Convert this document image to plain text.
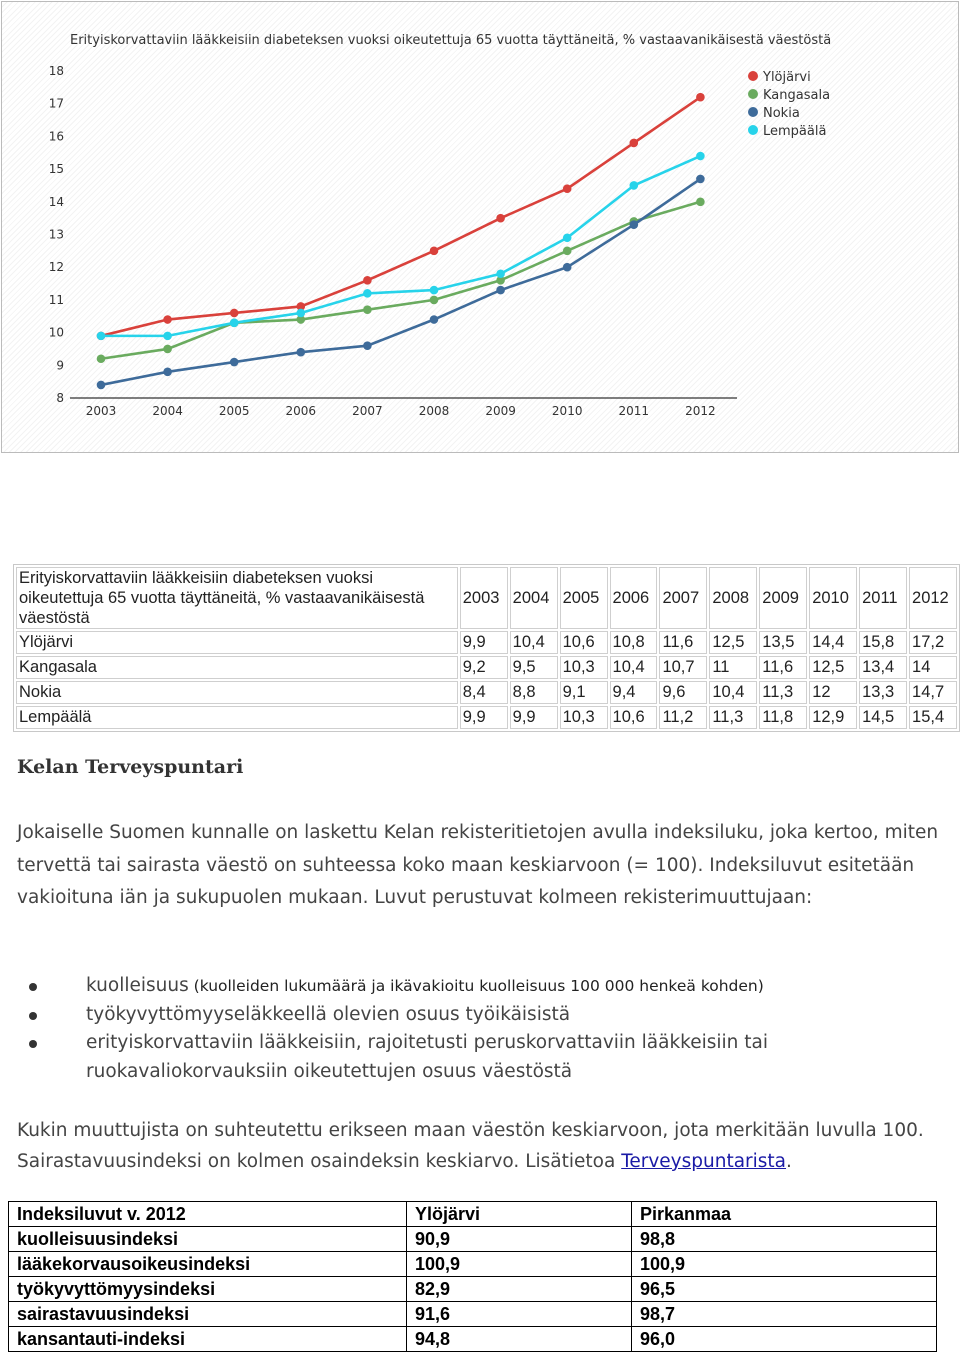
Erityiskorvattaviin lääkkeisiin diabeteksen vuoksi oikeutettuja 65 vuotta täyttäneitä, % vastaavanikäisestä väestöstä
8
9
10
11
12
13
14
15
16
17
18
2003	2004	2005	2006	2007	2008	2009	2010	2011	2012
Ylöjärvi
Kangasala
Nokia
Lempäälä
Erityiskorvattaviin lääkkeisiin diabeteksen vuoksi oikeutettuja 65 vuotta täyttäneitä, % vastaavanikäisestä väestöstä	2003	2004	2005	2006	2007	2008	2009	2010	2011	2012
Ylöjärvi	9,9	10,4	10,6	10,8	11,6	12,5	13,5	14,4	15,8	17,2
Kangasala	9,2	9,5	10,3	10,4	10,7	11	11,6	12,5	13,4	14
Nokia	8,4	8,8	9,1	9,4	9,6	10,4	11,3	12	13,3	14,7
Lempäälä	9,9	9,9	10,3	10,6	11,2	11,3	11,8	12,9	14,5	15,4
Kelan Terveyspuntari

Jokaiselle Suomen kunnalle on laskettu Kelan rekisteritietojen avulla indeksiluku, joka kertoo, miten tervettä tai sairasta väestö on suhteessa koko maan keskiarvoon (= 100). Indeksiluvut esitetään vakioituna iän ja sukupuolen mukaan. Luvut perustuvat kolmeen rekisterimuuttujaan:

kuolleisuus (kuolleiden lukumäärä ja ikävakioitu kuolleisuus 100 000 henkeä kohden)
työkyvyttömyyseläkkeellä olevien osuus työikäisistä
erityiskorvattaviin lääkkeisiin, rajoitetusti peruskorvattaviin lääkkeisiin tai ruokavaliokorvauksiin oikeutettujen osuus väestöstä

Kukin muuttujista on suhteutettu erikseen maan väestön keskiarvoon, jota merkitään luvulla 100. Sairastavuusindeksi on kolmen osaindeksin keskiarvo. Lisätietoa Terveyspuntarista.

Indeksiluvut v. 2012	Ylöjärvi	Pirkanmaa
kuolleisuusindeksi	90,9	98,8
lääkekorvausoikeusindeksi	100,9	100,9
työkyvyttömyysindeksi	82,9	96,5
sairastavuusindeksi	91,6	98,7
kansantauti-indeksi	94,8	96,0
